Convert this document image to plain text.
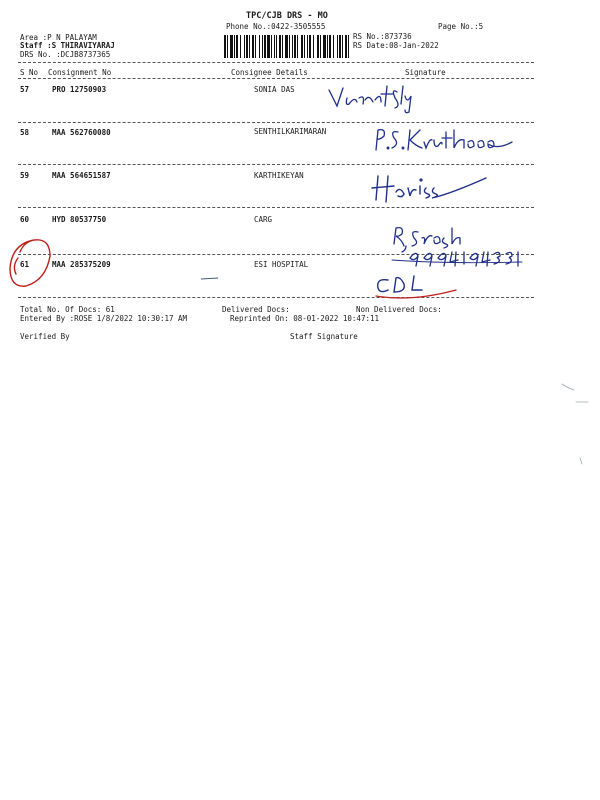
TPC/CJB DRS - MO
Phone No.:0422-3505555	Page No.:5
Area :P N PALAYAM
Staff :S THIRAVIYARAJ
DRS No. :DCJB8737365
RS No.:873736
RS Date:08-Jan-2022
S No Consignment No	Consignee Details	Signature
57	PRO 12750903	SONIA DAS
58	MAA 562760080	SENTHILKARIMARAN
59	MAA 564651587	KARTHIKEYAN
60	HYD 80537750	CARG
61	MAA 285375209	ESI HOSPITAL
Total No. Of Docs: 61	Delivered Docs:	Non Delivered Docs:
Entered By :ROSE 1/8/2022 10:30:17 AM	Reprinted On: 08-01-2022 10:47:11
Verified By	Staff Signature
